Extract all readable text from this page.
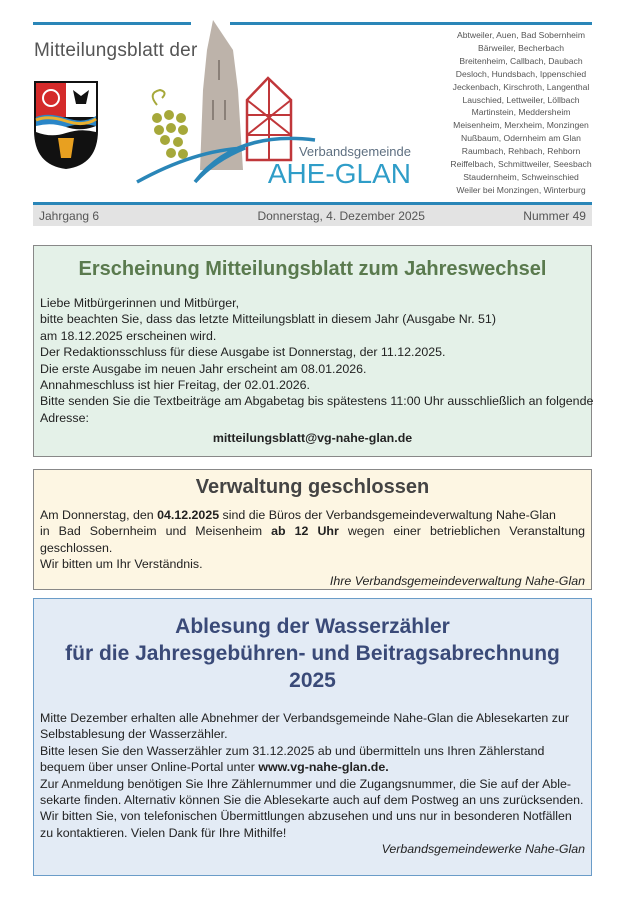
Mitteilungsblatt der
Verbandsgemeinde
AHE-GLAN
Abtweiler, Auen, Bad Sobernheim
Bärweiler, Becherbach
Breitenheim, Callbach, Daubach
Desloch, Hundsbach, Ippenschied
Jeckenbach, Kirschroth, Langenthal
Lauschied, Lettweiler, Löllbach
Martinstein, Meddersheim
Meisenheim, Merxheim, Monzingen
Nußbaum, Odernheim am Glan
Raumbach, Rehbach, Rehborn
Reiffelbach, Schmittweiler, Seesbach
Staudernheim, Schweinschied
Weiler bei Monzingen, Winterburg
Jahrgang 6	Donnerstag, 4. Dezember 2025	Nummer 49
Erscheinung Mitteilungsblatt zum Jahreswechsel
Liebe Mitbürgerinnen und Mitbürger,
bitte beachten Sie, dass das letzte Mitteilungsblatt in diesem Jahr (Ausgabe Nr. 51)
am 18.12.2025 erscheinen wird.
Der Redaktionsschluss für diese Ausgabe ist Donnerstag, der 11.12.2025.
Die erste Ausgabe im neuen Jahr erscheint am 08.01.2026.
Annahmeschluss ist hier Freitag, der 02.01.2026.
Bitte senden Sie die Textbeiträge am Abgabetag bis spätestens 11:00 Uhr ausschließlich an folgende
Adresse:
mitteilungsblatt@vg-nahe-glan.de
Verwaltung geschlossen
Am Donnerstag, den 04.12.2025 sind die Büros der Verbandsgemeindeverwaltung Nahe-Glan
in Bad Sobernheim und Meisenheim ab 12 Uhr wegen einer betrieblichen Veranstaltung
geschlossen.
Wir bitten um Ihr Verständnis.
Ihre Verbandsgemeindeverwaltung Nahe-Glan
Ablesung der Wasserzähler
für die Jahresgebühren- und Beitragsabrechnung
2025
Mitte Dezember erhalten alle Abnehmer der Verbandsgemeinde Nahe-Glan die Ablesekarten zur
Selbstablesung der Wasserzähler.
Bitte lesen Sie den Wasserzähler zum 31.12.2025 ab und übermitteln uns Ihren Zählerstand
bequem über unser Online-Portal unter www.vg-nahe-glan.de.
Zur Anmeldung benötigen Sie Ihre Zählernummer und die Zugangsnummer, die Sie auf der Able-
sekarte finden. Alternativ können Sie die Ablesekarte auch auf dem Postweg an uns zurücksenden.
Wir bitten Sie, von telefonischen Übermittlungen abzusehen und uns nur in besonderen Notfällen
zu kontaktieren. Vielen Dank für Ihre Mithilfe!
Verbandsgemeindewerke Nahe-Glan
